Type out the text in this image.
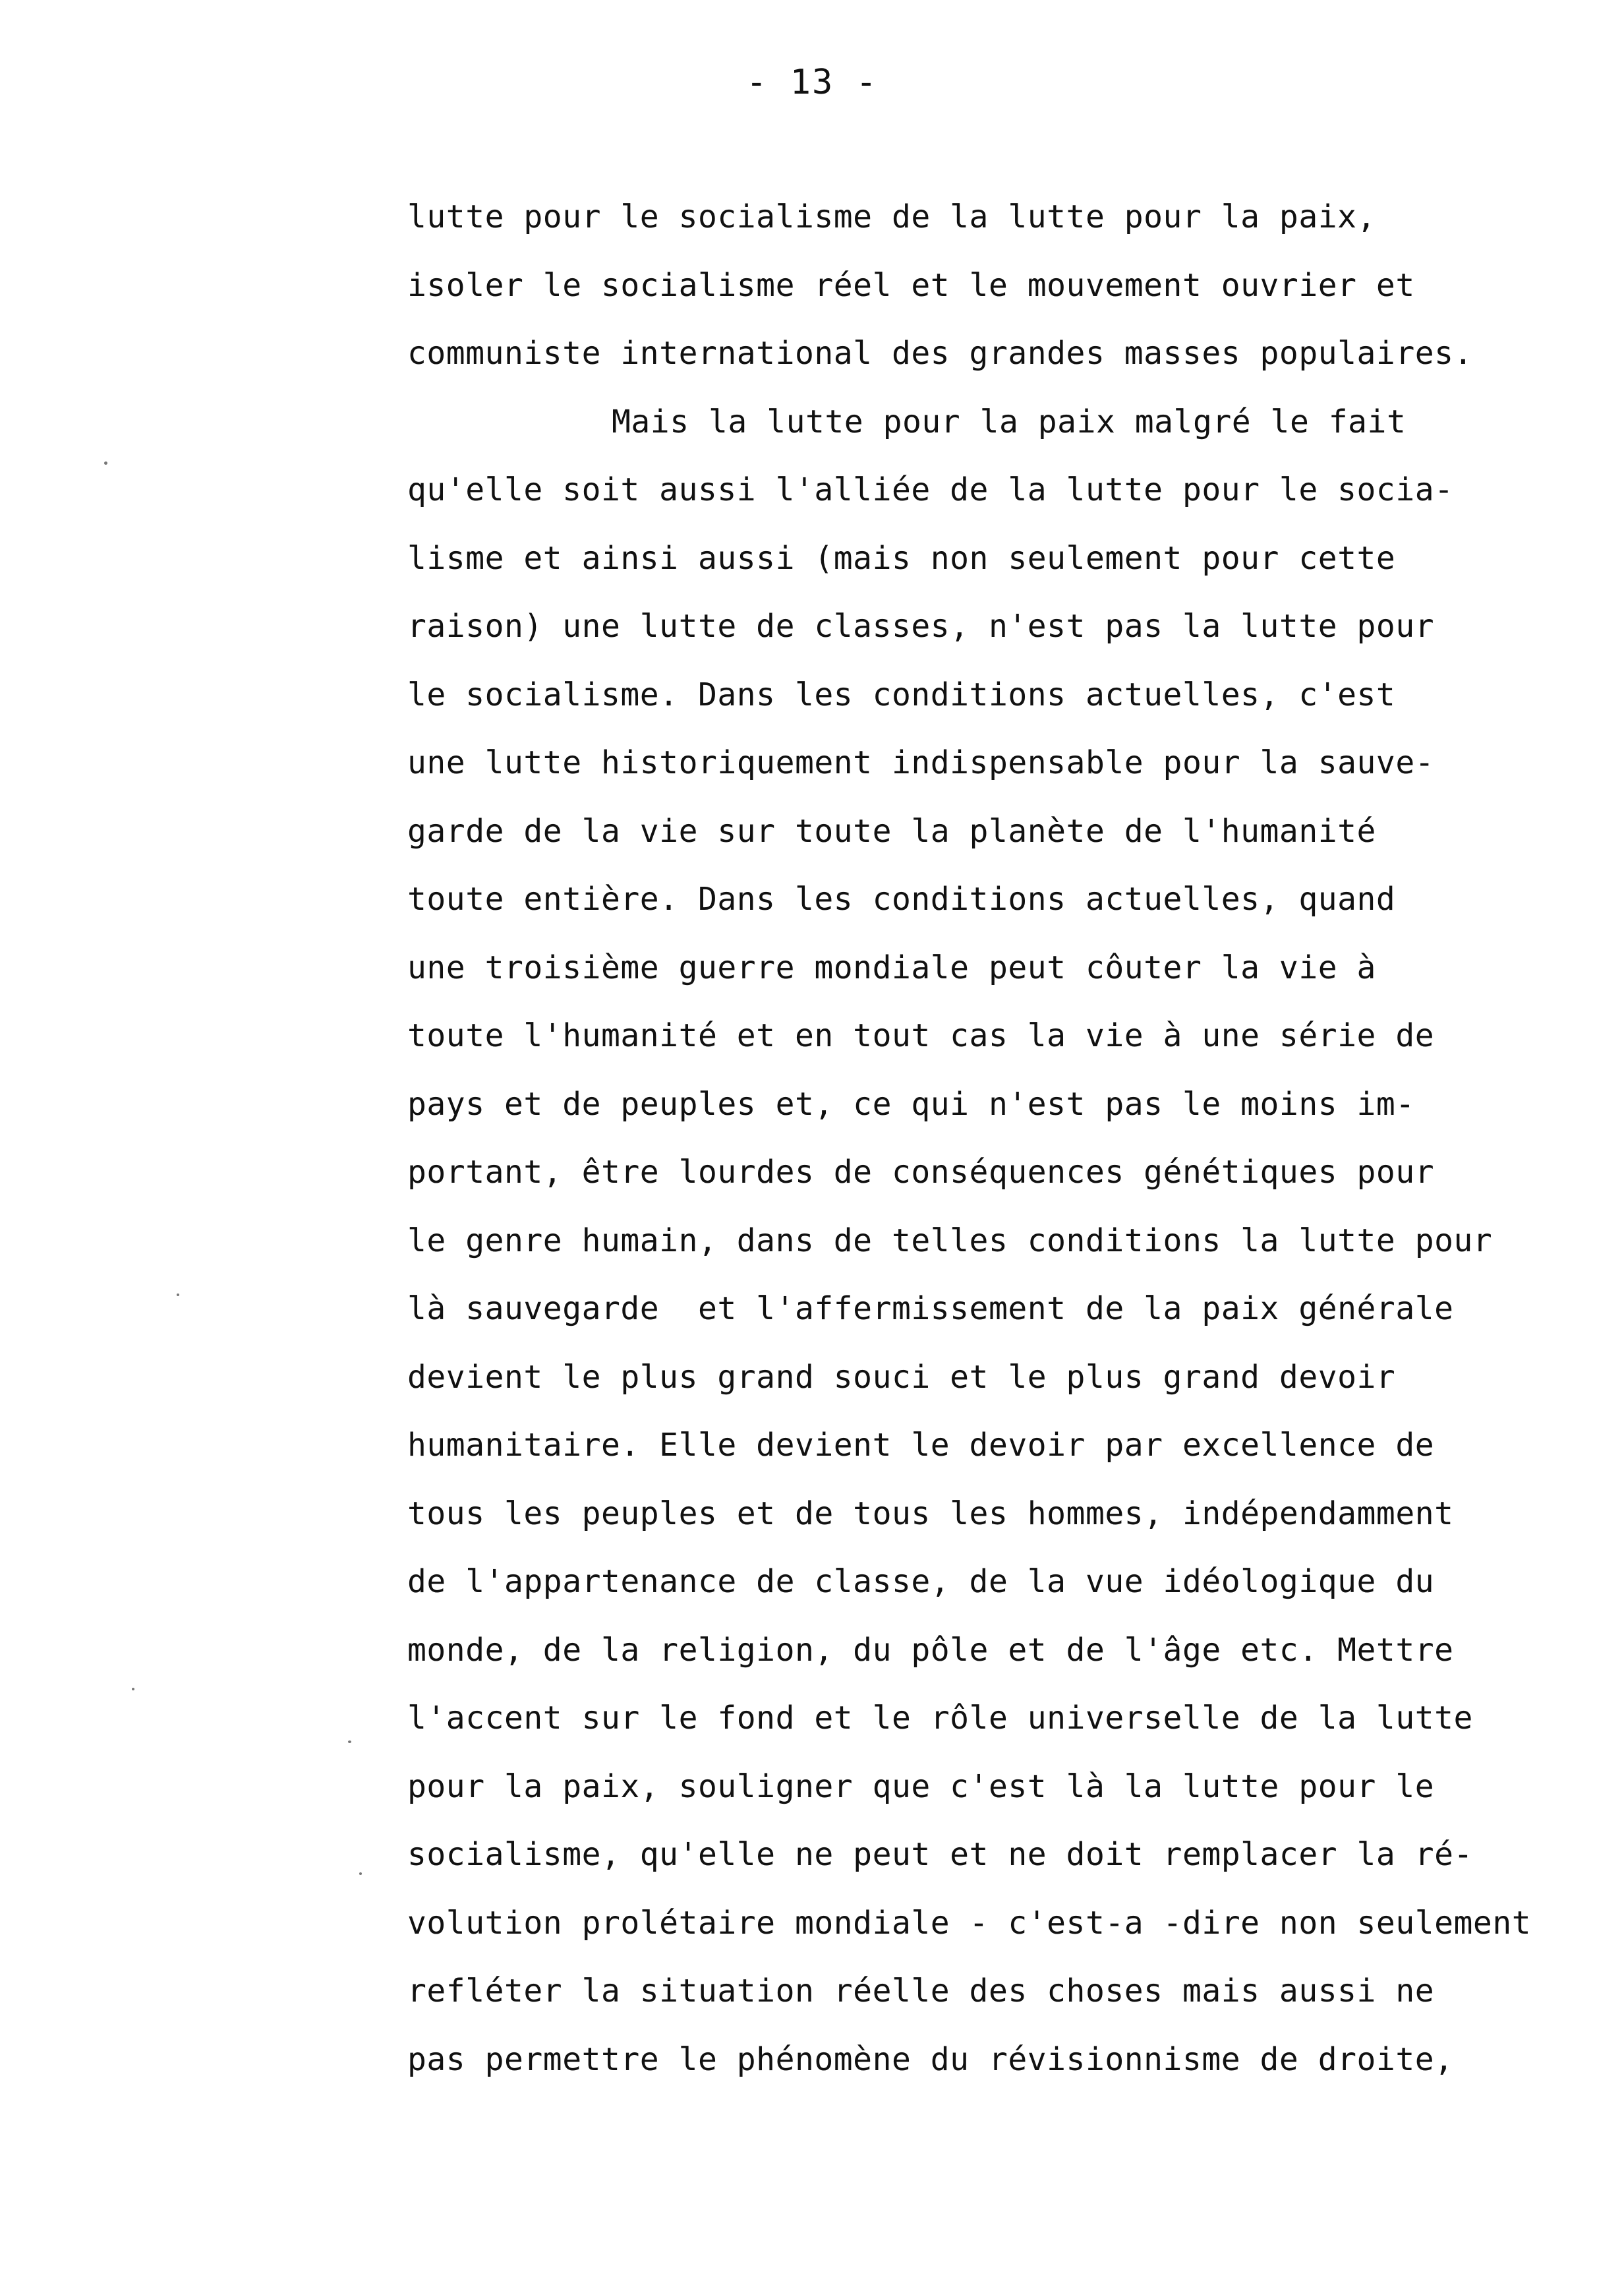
- 13 -
lutte pour le socialisme de la lutte pour la paix,
isoler le socialisme réel et le mouvement ouvrier et
communiste international des grandes masses populaires.
Mais la lutte pour la paix malgré le fait
qu'elle soit aussi l'alliée de la lutte pour le socia-
lisme et ainsi aussi (mais non seulement pour cette
raison) une lutte de classes, n'est pas la lutte pour
le socialisme. Dans les conditions actuelles, c'est
une lutte historiquement indispensable pour la sauve-
garde de la vie sur toute la planète de l'humanité
toute entière. Dans les conditions actuelles, quand
une troisième guerre mondiale peut côuter la vie à
toute l'humanité et en tout cas la vie à une série de
pays et de peuples et, ce qui n'est pas le moins im-
portant, être lourdes de conséquences génétiques pour
le genre humain, dans de telles conditions la lutte pour
là sauvegarde  et l'affermissement de la paix générale
devient le plus grand souci et le plus grand devoir
humanitaire. Elle devient le devoir par excellence de
tous les peuples et de tous les hommes, indépendamment
de l'appartenance de classe, de la vue idéologique du
monde, de la religion, du pôle et de l'âge etc. Mettre
l'accent sur le fond et le rôle universelle de la lutte
pour la paix, souligner que c'est là la lutte pour le
socialisme, qu'elle ne peut et ne doit remplacer la ré-
volution prolétaire mondiale - c'est-a -dire non seulement
refléter la situation réelle des choses mais aussi ne
pas permettre le phénomène du révisionnisme de droite,
